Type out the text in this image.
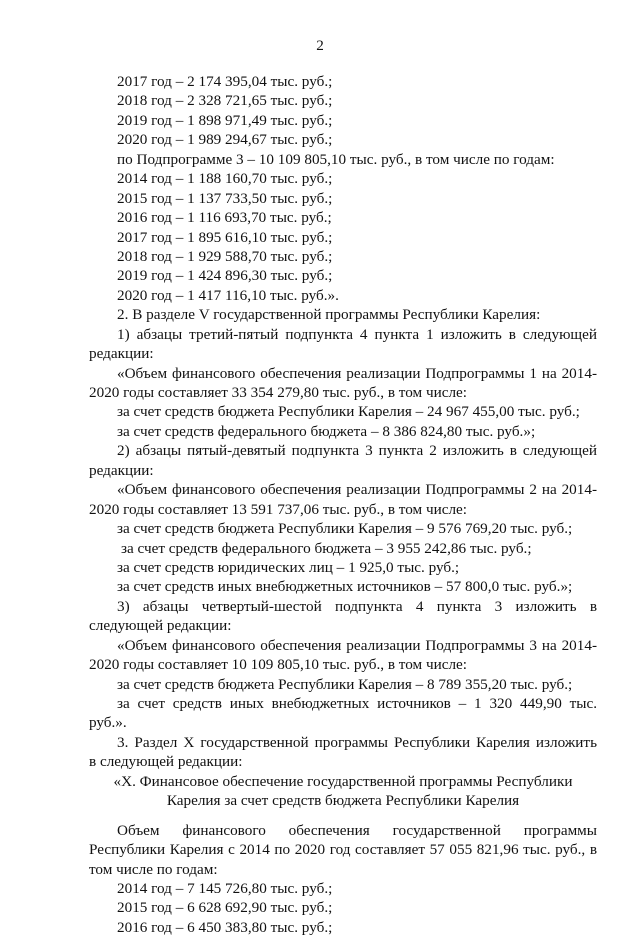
2
2017 год – 2 174 395,04 тыс. руб.;
2018 год – 2 328 721,65 тыс. руб.;
2019 год – 1 898 971,49 тыс. руб.;
2020 год – 1 989 294,67 тыс. руб.;
по Подпрограмме 3 – 10 109 805,10 тыс. руб., в том числе по годам:
2014 год – 1 188 160,70 тыс. руб.;
2015 год – 1 137 733,50 тыс. руб.;
2016 год – 1 116 693,70 тыс. руб.;
2017 год – 1 895 616,10 тыс. руб.;
2018 год – 1 929 588,70 тыс. руб.;
2019 год – 1 424 896,30 тыс. руб.;
2020 год – 1 417 116,10 тыс. руб.».
2. В разделе V государственной программы Республики Карелия:
1) абзацы третий-пятый подпункта 4 пункта 1 изложить в следующей
редакции:
«Объем финансового обеспечения реализации Подпрограммы 1 на 2014-
2020 годы составляет 33 354 279,80 тыс. руб., в том числе:
за счет средств бюджета Республики Карелия – 24 967 455,00 тыс. руб.;
за счет средств федерального бюджета – 8 386 824,80 тыс. руб.»;
2) абзацы пятый-девятый подпункта 3 пункта 2 изложить в следующей
редакции:
«Объем финансового обеспечения реализации Подпрограммы 2 на 2014-
2020 годы составляет 13 591 737,06 тыс. руб., в том числе:
за счет средств бюджета Республики Карелия – 9 576 769,20 тыс. руб.;
за счет средств федерального бюджета – 3 955 242,86 тыс. руб.;
за счет средств юридических лиц – 1 925,0 тыс. руб.;
за счет средств иных внебюджетных источников – 57 800,0 тыс. руб.»;
3) абзацы четвертый-шестой подпункта 4 пункта 3 изложить в
следующей редакции:
«Объем финансового обеспечения реализации Подпрограммы 3 на 2014-
2020 годы составляет 10 109 805,10 тыс. руб., в том числе:
за счет средств бюджета Республики Карелия – 8 789 355,20 тыс. руб.;
за счет средств иных внебюджетных источников – 1 320 449,90 тыс.
руб.».
3. Раздел X государственной программы Республики Карелия изложить
в следующей редакции:
«X. Финансовое обеспечение государственной программы Республики
Карелия за счет средств бюджета Республики Карелия
Объем финансового обеспечения государственной программы
Республики Карелия с 2014 по 2020 год составляет 57 055 821,96 тыс. руб., в
том числе по годам:
2014 год – 7 145 726,80 тыс. руб.;
2015 год – 6 628 692,90 тыс. руб.;
2016 год – 6 450 383,80 тыс. руб.;
